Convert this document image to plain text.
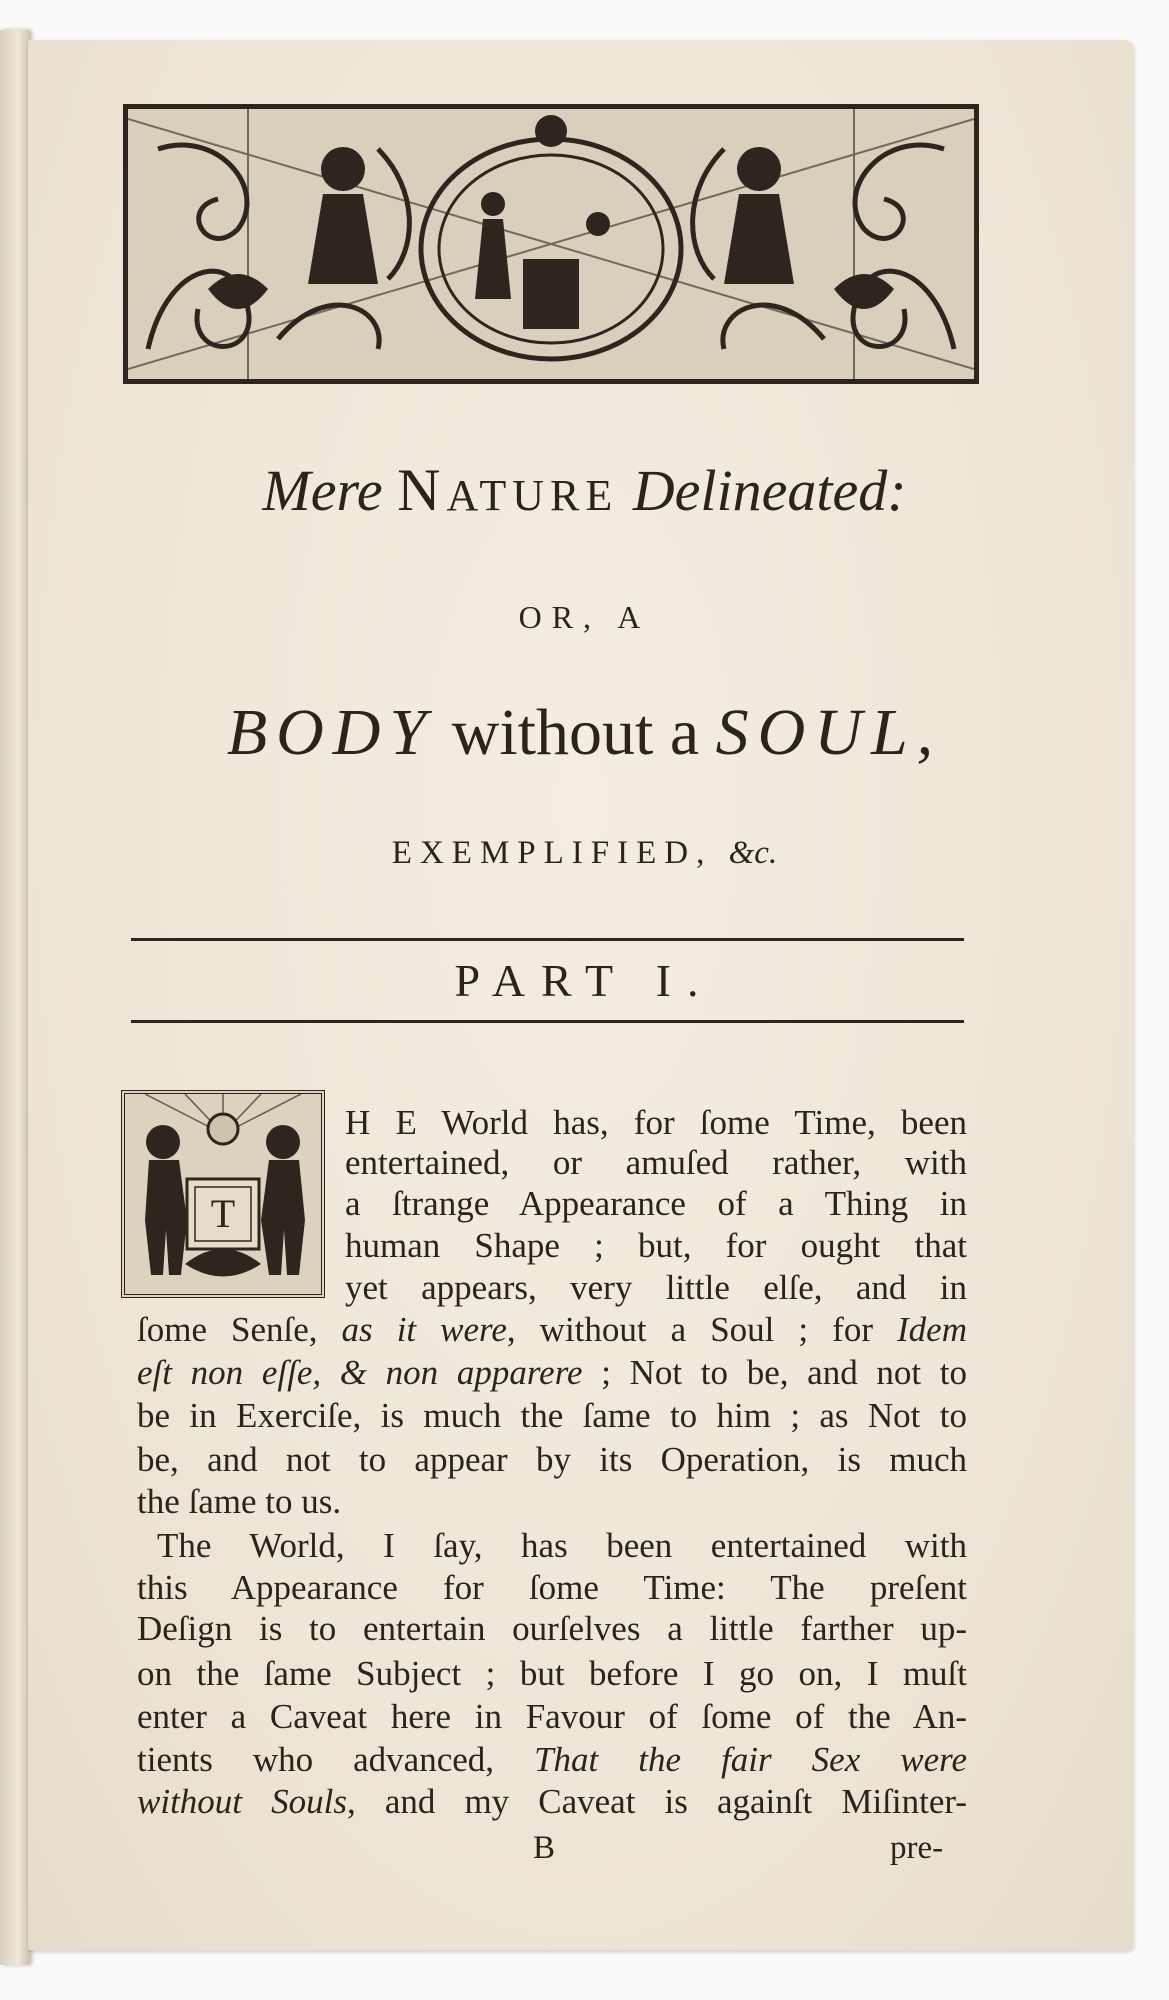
Mere NATURE Delineated:
OR, A
BODY without a SOUL,
EXEMPLIFIED, &c.
PART I.
T
H E World has, for ſome Time, been
entertained, or amuſed rather, with
a ſtrange Appearance of a Thing in
human Shape ; but, for ought that
yet appears, very little elſe, and in
ſome Senſe, as it were, without a Soul ; for Idem
eſt non eſſe, & non apparere ; Not to be, and not to
be in Exerciſe, is much the ſame to him ; as Not to
be, and not to appear by its Operation, is much
the ſame to us.
The World, I ſay, has been entertained with
this Appearance for ſome Time: The preſent
Deſign is to entertain ourſelves a little farther up-
on the ſame Subject ; but before I go on, I muſt
enter a Caveat here in Favour of ſome of the An-
tients who advanced, That the fair Sex were
without Souls, and my Caveat is againſt Miſinter-
B	pre-
